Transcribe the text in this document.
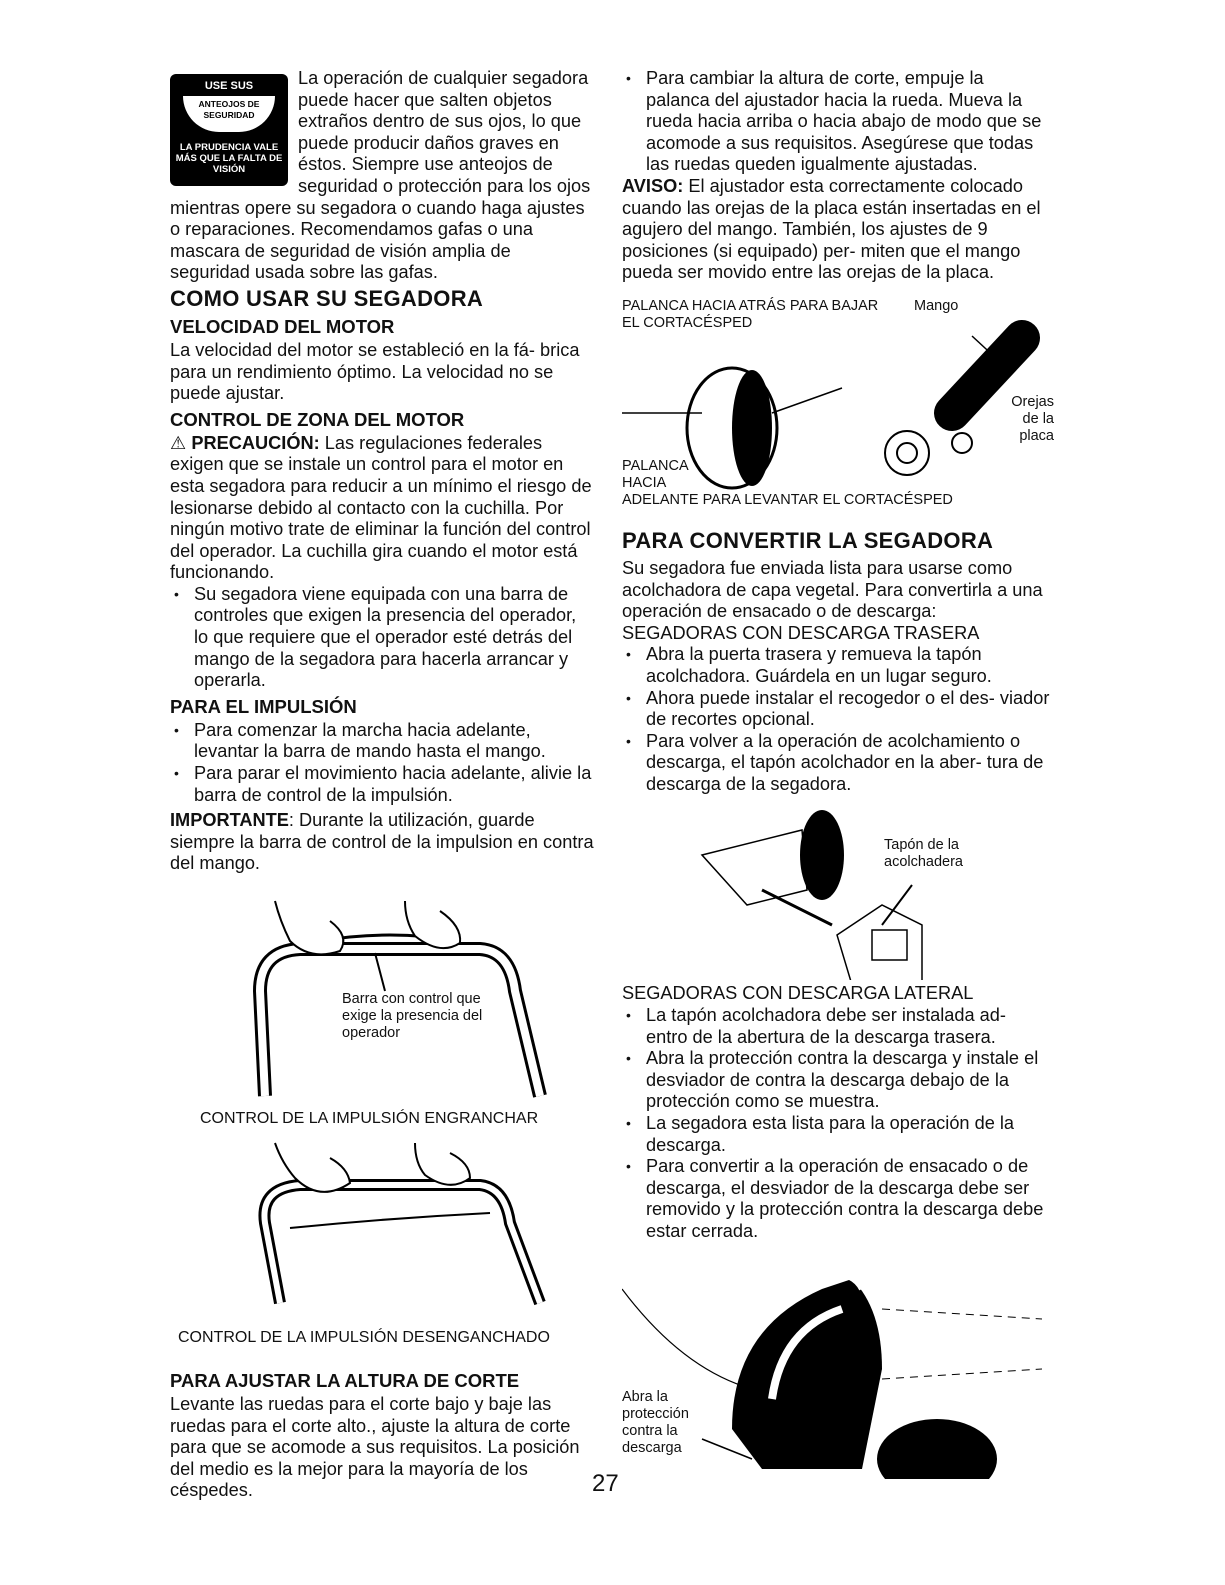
USE SUS
ANTEOJOS DE SEGURIDAD
LA PRUDENCIA VALE MÁS QUE LA FALTA DE VISIÓN

La operación de cualquier segadora puede hacer que salten objetos extraños dentro de sus ojos, lo que puede producir daños graves en éstos. Siempre use anteojos de seguridad o protección para los ojos mientras opere su segadora o cuando haga ajustes o reparaciones. Recomendamos gafas o una mascara de seguridad de visión amplia de seguridad usada sobre las gafas.

COMO USAR SU SEGADORA
VELOCIDAD DEL MOTOR

La velocidad del motor se estableció en la fá- brica para un rendimiento óptimo. La velocidad no se puede ajustar.

CONTROL DE ZONA DEL MOTOR

⚠ PRECAUCIÓN: Las regulaciones federales exigen que se instale un control para el motor en esta segadora para reducir a un mínimo el riesgo de lesionarse debido al contacto con la cuchilla. Por ningún motivo trate de eliminar la función del control del operador. La cuchilla gira cuando el motor está funcionando.

• Su segadora viene equipada con una barra de controles que exigen la presencia del operador, lo que requiere que el operador esté detrás del mango de la segadora para hacerla arrancar y operarla.
PARA EL IMPULSIÓN
• Para comenzar la marcha hacia adelante, levantar la barra de mando hasta el mango.
• Para parar el movimiento hacia adelante, alivie la barra de control de la impulsión.

IMPORTANTE: Durante la utilización, guarde siempre la barra de control de la impulsion en contra del mango.

Barra con control que exige la presencia del operador
CONTROL DE LA IMPULSIÓN ENGRANCHAR
CONTROL DE LA IMPULSIÓN DESENGANCHADO
PARA AJUSTAR LA ALTURA DE CORTE

Levante las ruedas para el corte bajo y baje las ruedas para el corte alto., ajuste la altura de corte para que se acomode a sus requisitos. La posición del medio es la mejor para la mayoría de los céspedes.

• Para cambiar la altura de corte, empuje la palanca del ajustador hacia la rueda. Mueva la rueda hacia arriba o hacia abajo de modo que se acomode a sus requisitos. Asegúrese que todas las ruedas queden igualmente ajustadas.

AVISO: El ajustador esta correctamente colocado cuando las orejas de la placa están insertadas en el agujero del mango. También, los ajustes de 9 posiciones (si equipado) per- miten que el mango pueda ser movido entre las orejas de la placa.

PALANCA HACIA ATRÁS PARA BAJAR EL CORTACÉSPED
Mango
Orejas de la placa
PALANCA HACIA
ADELANTE PARA LEVANTAR EL CORTACÉSPED
PARA CONVERTIR LA SEGADORA

Su segadora fue enviada lista para usarse como acolchadora de capa vegetal. Para convertirla a una operación de ensacado o de descarga:

SEGADORAS CON DESCARGA TRASERA

• Abra la puerta trasera y remueva la tapón acolchadora. Guárdela en un lugar seguro.
• Ahora puede instalar el recogedor o el des- viador de recortes opcional.
• Para volver a la operación de acolchamiento o descarga, el tapón acolchador en la aber- tura de descarga de la segadora.
Tapón de la acolchadera

SEGADORAS CON DESCARGA LATERAL

• La tapón acolchadora debe ser instalada ad- entro de la abertura de la descarga trasera.
• Abra la protección contra la descarga y instale el desviador de contra la descarga debajo de la protección como se muestra.
• La segadora esta lista para la operación de la descarga.
• Para convertir a la operación de ensacado o de descarga, el desviador de la descarga debe ser removido y la protección contra la descarga debe estar cerrada.
Abra la protección contra la descarga
27
